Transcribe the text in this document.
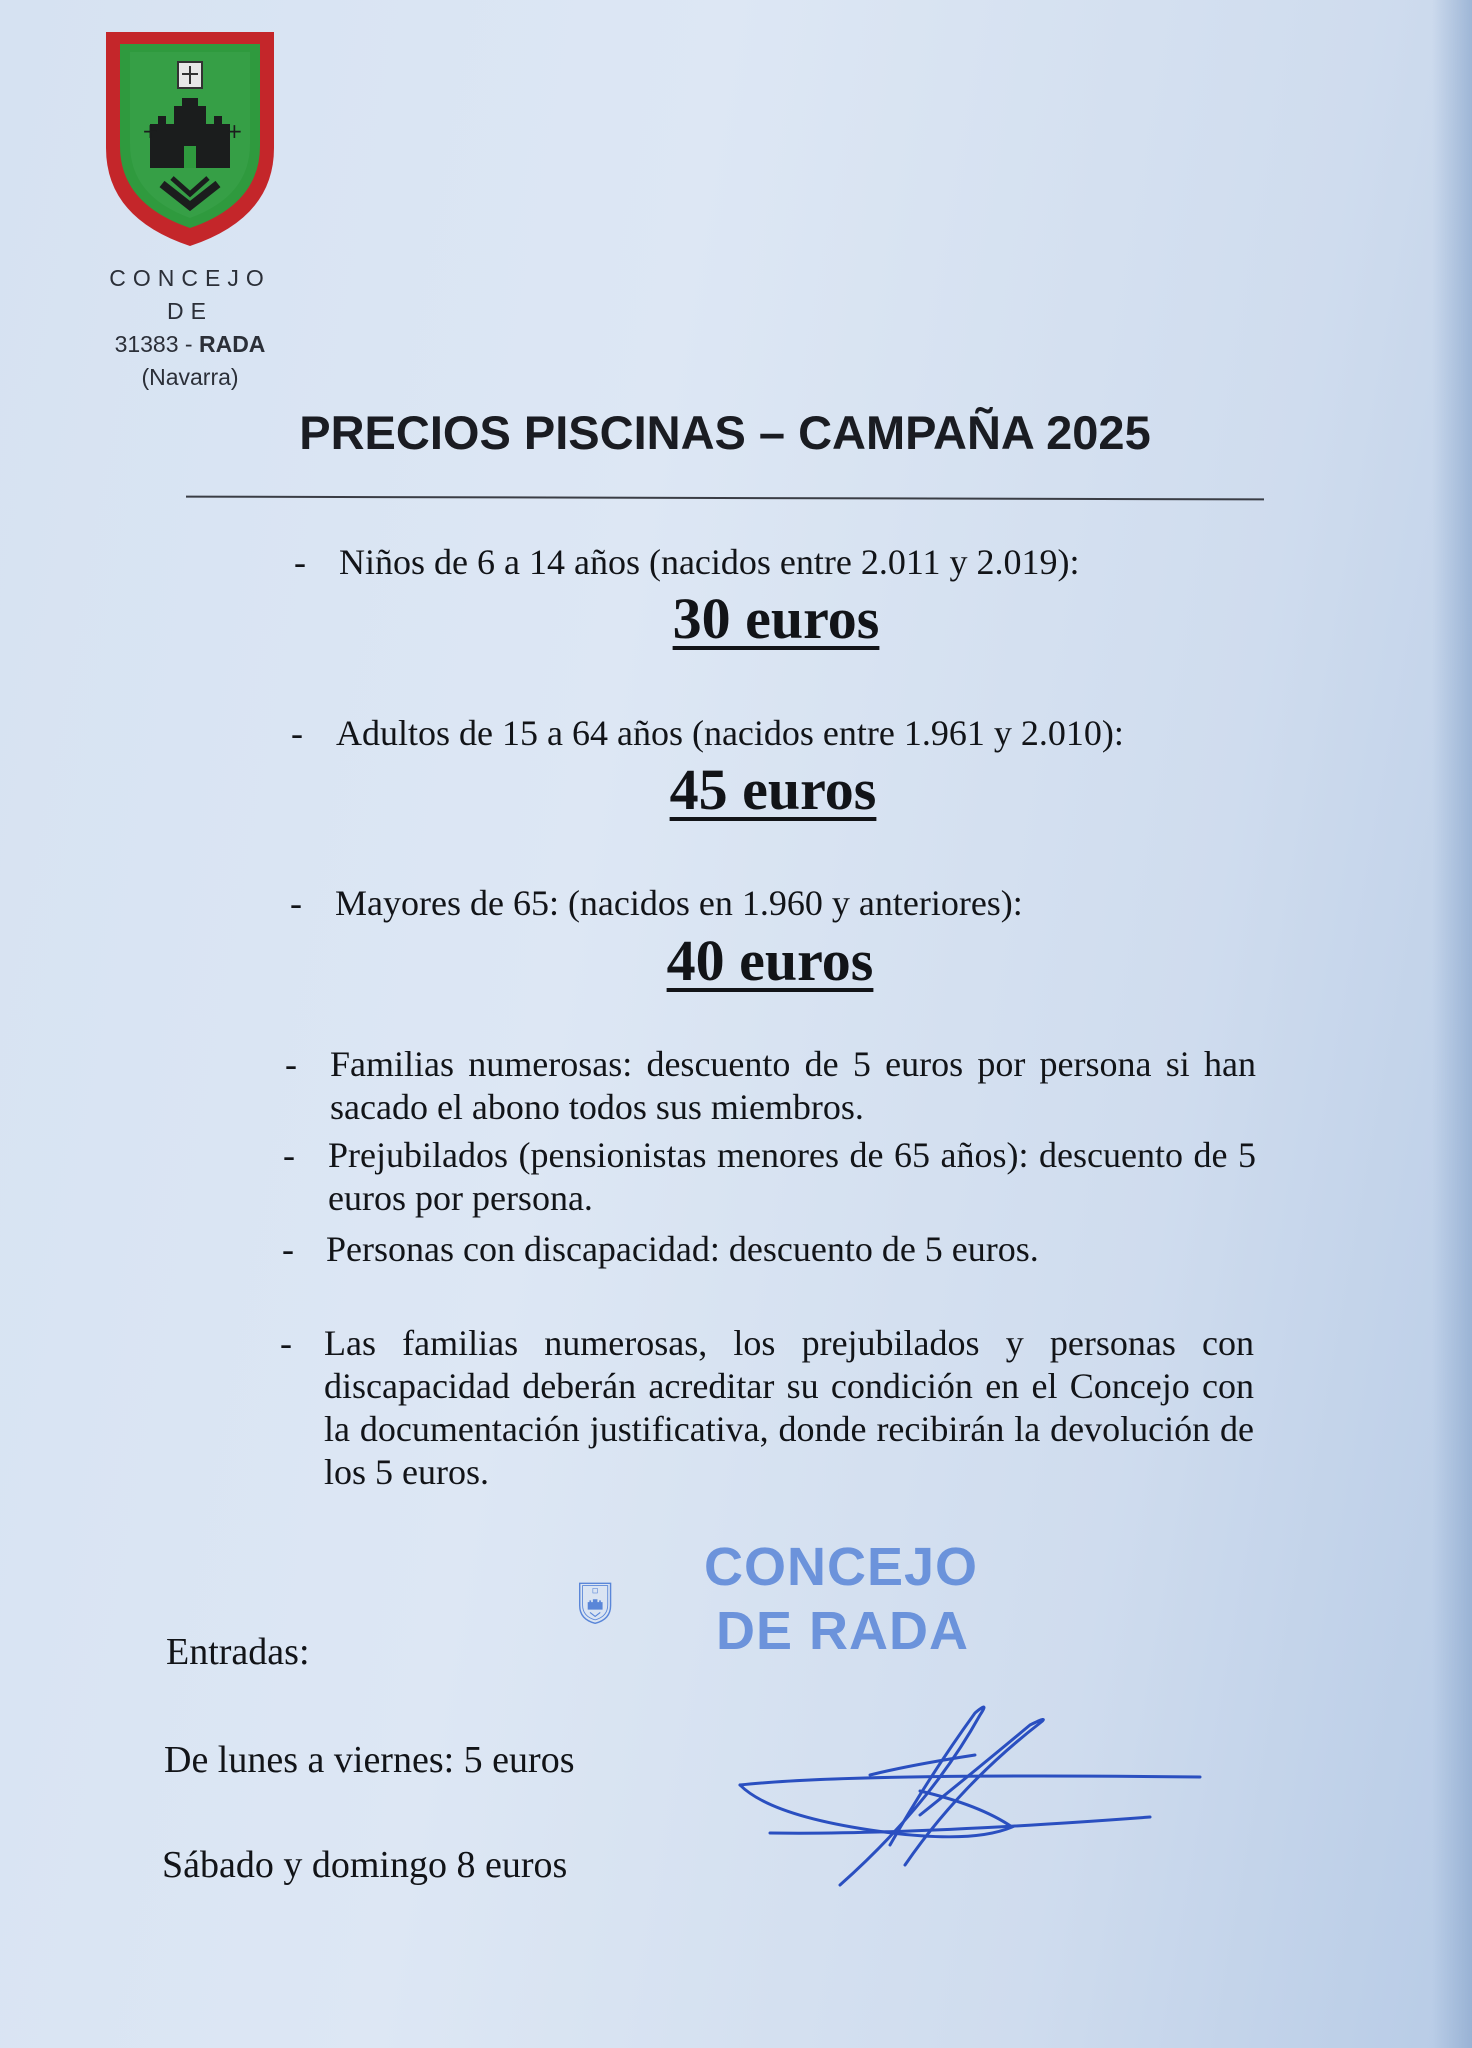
+	+
CONCEJO
DE
31383 - RADA
(Navarra)
PRECIOS PISCINAS – CAMPAÑA 2025
- Niños de 6 a 14 años (nacidos entre 2.011 y 2.019):
30 euros
- Adultos de 15 a 64 años (nacidos entre 1.961 y 2.010):
45 euros
- Mayores de 65: (nacidos en 1.960 y anteriores):
40 euros
- Familias numerosas: descuento de 5 euros por persona si han sacado el abono todos sus miembros.
- Prejubilados (pensionistas menores de 65 años): descuento de 5 euros por persona.
- Personas con discapacidad: descuento de 5 euros.
- Las familias numerosas, los prejubilados y personas con discapacidad deberán acreditar su condición en el Concejo con la documentación justificativa, donde recibirán la devolución de los 5 euros.
CONCEJO
DE RADA
Entradas:
De lunes a viernes: 5 euros
Sábado y domingo 8 euros
